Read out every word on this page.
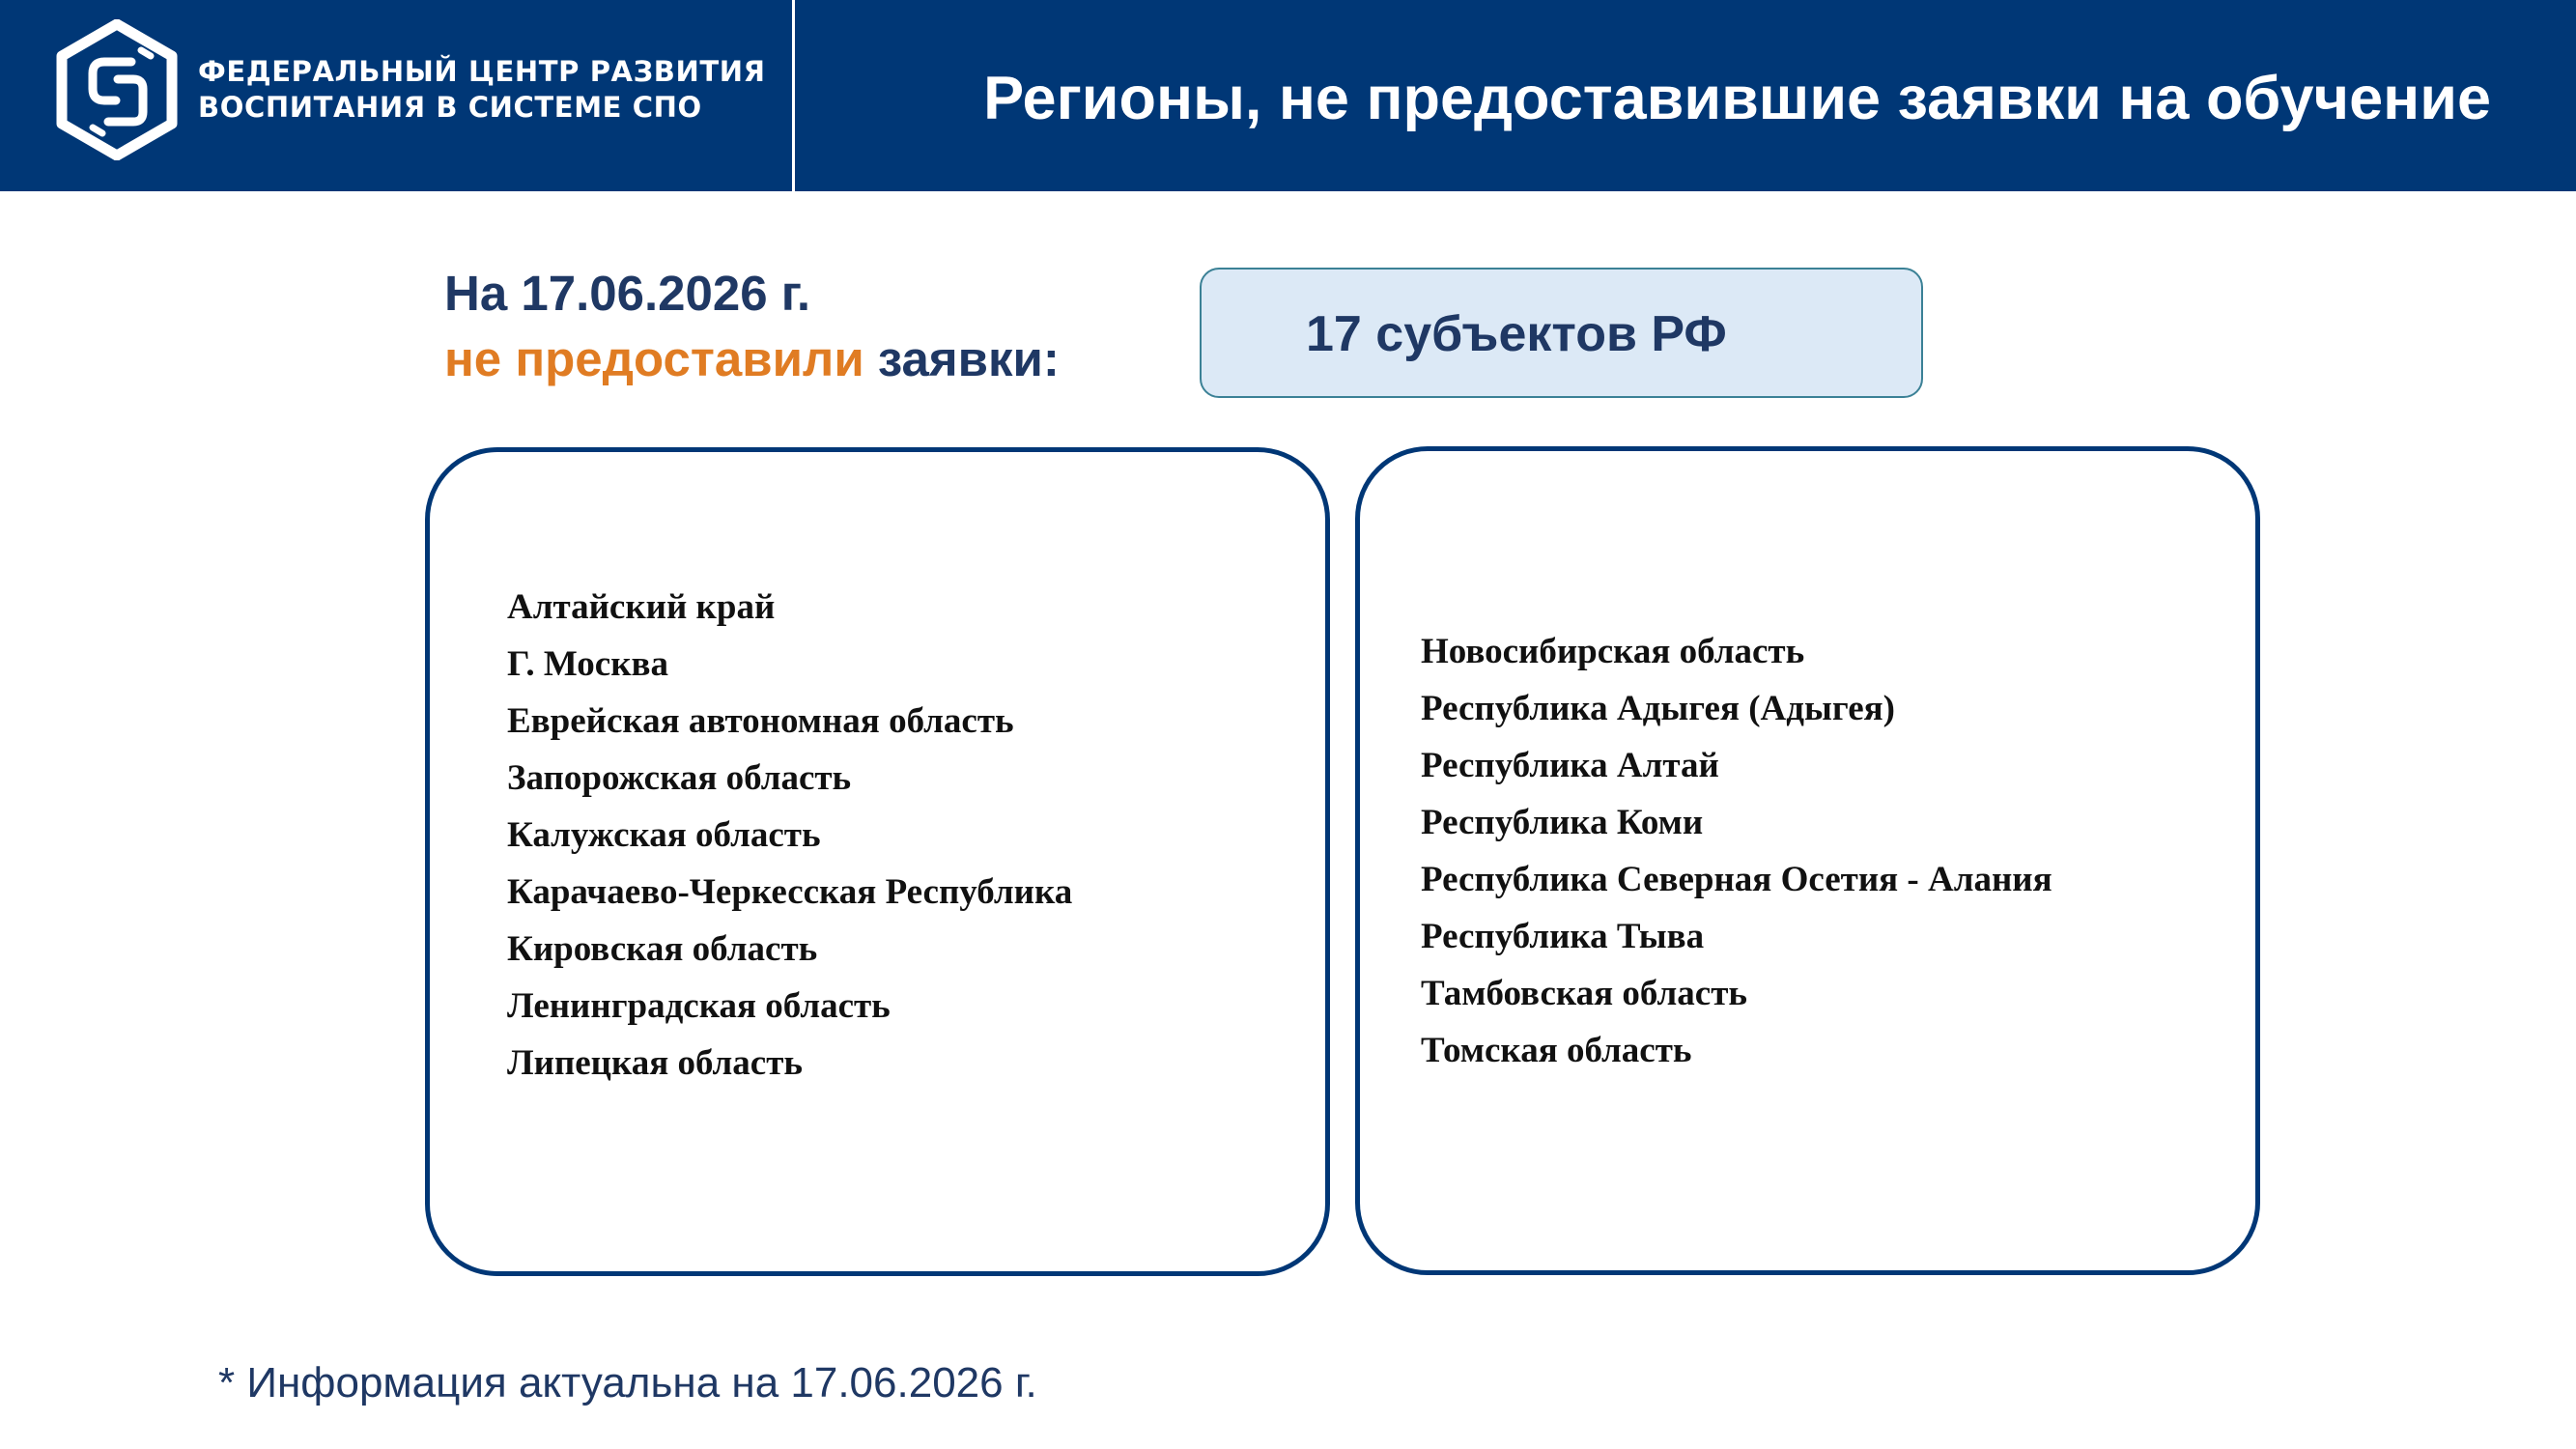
ФЕДЕРАЛЬНЫЙ ЦЕНТР РАЗВИТИЯ
ВОСПИТАНИЯ В СИСТЕМЕ СПО	Регионы, не предоставившие заявки на обучение
На 17.06.2026 г.
не предоставили заявки:	17 субъектов РФ
Алтайский край
Г. Москва
Еврейская автономная область
Запорожская область
Калужская область
Карачаево-Черкесская Республика
Кировская область
Ленинградская область
Липецкая область
Новосибирская область
Республика Адыгея (Адыгея)
Республика Алтай
Республика Коми
Республика Северная Осетия - Алания
Республика Тыва
Тамбовская область
Томская область
* Информация актуальна на 17.06.2026 г.
